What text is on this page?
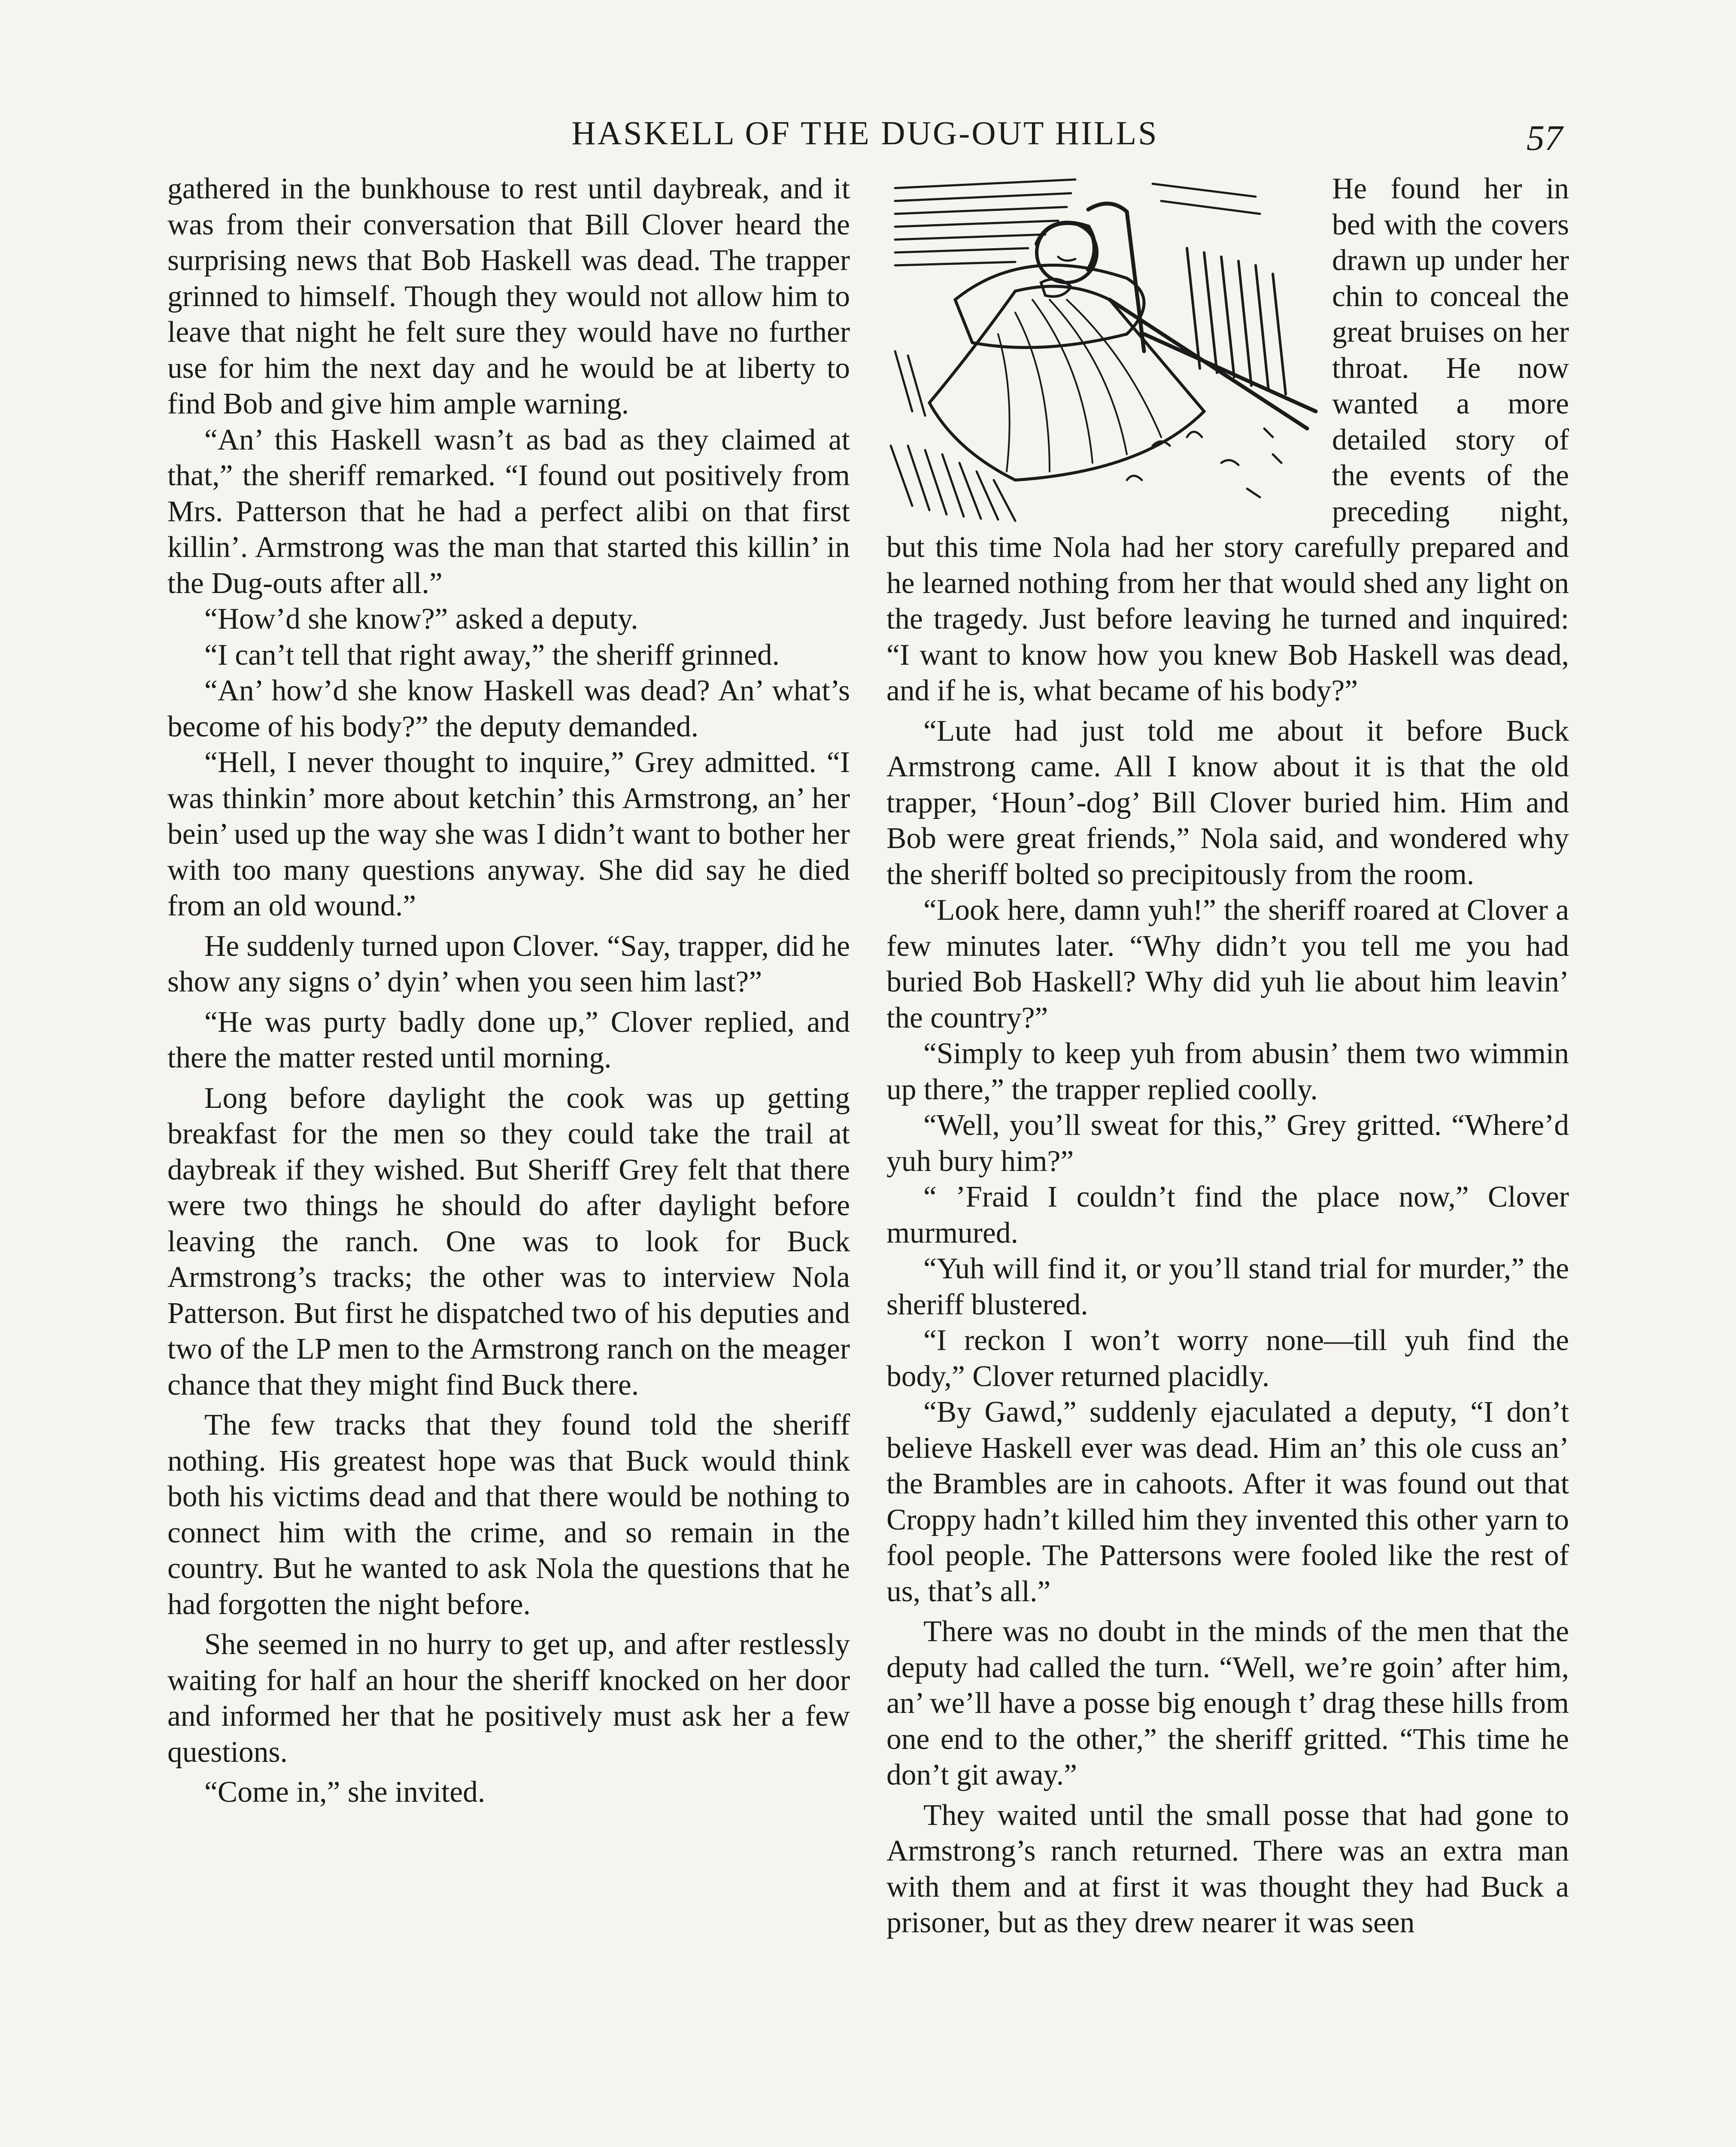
HASKELL OF THE DUG-OUT HILLS	57

gathered in the bunkhouse to rest until daybreak, and it was from their conversation that Bill Clover heard the surprising news that Bob Haskell was dead. The trapper grinned to himself. Though they would not allow him to leave that night he felt sure they would have no further use for him the next day and he would be at liberty to find Bob and give him ample warning.

“An’ this Haskell wasn’t as bad as they claimed at that,” the sheriff remarked. “I found out positively from Mrs. Patterson that he had a perfect alibi on that first killin’. Armstrong was the man that started this killin’ in the Dug-outs after all.”

“How’d she know?” asked a deputy.

“I can’t tell that right away,” the sheriff grinned.

“An’ how’d she know Haskell was dead? An’ what’s become of his body?” the deputy demanded.

“Hell, I never thought to inquire,” Grey admitted. “I was thinkin’ more about ketchin’ this Armstrong, an’ her bein’ used up the way she was I didn’t want to bother her with too many questions anyway. She did say he died from an old wound.”

He suddenly turned upon Clover. “Say, trapper, did he show any signs o’ dyin’ when you seen him last?”

“He was purty badly done up,” Clover replied, and there the matter rested until morning.

Long before daylight the cook was up getting breakfast for the men so they could take the trail at daybreak if they wished. But Sheriff Grey felt that there were two things he should do after daylight before leaving the ranch. One was to look for Buck Armstrong’s tracks; the other was to interview Nola Patterson. But first he dispatched two of his deputies and two of the LP men to the Armstrong ranch on the meager chance that they might find Buck there.

The few tracks that they found told the sheriff nothing. His greatest hope was that Buck would think both his victims dead and that there would be nothing to connect him with the crime, and so remain in the country. But he wanted to ask Nola the questions that he had forgotten the night before.

She seemed in no hurry to get up, and after restlessly waiting for half an hour the sheriff knocked on her door and informed her that he positively must ask her a few questions.

“Come in,” she invited.

He found her in bed with the covers drawn up under her chin to conceal the great bruises on her throat. He now wanted a more detailed story of the events of the preceding night, but this time Nola had her story carefully prepared and he learned nothing from her that would shed any light on the tragedy. Just before leaving he turned and inquired: “I want to know how you knew Bob Haskell was dead, and if he is, what became of his body?”

“Lute had just told me about it before Buck Armstrong came. All I know about it is that the old trapper, ‘Houn’-dog’ Bill Clover buried him. Him and Bob were great friends,” Nola said, and wondered why the sheriff bolted so precipitously from the room.

“Look here, damn yuh!” the sheriff roared at Clover a few minutes later. “Why didn’t you tell me you had buried Bob Haskell? Why did yuh lie about him leavin’ the country?”

“Simply to keep yuh from abusin’ them two wimmin up there,” the trapper replied coolly.

“Well, you’ll sweat for this,” Grey gritted. “Where’d yuh bury him?”

“ ’Fraid I couldn’t find the place now,” Clover murmured.

“Yuh will find it, or you’ll stand trial for murder,” the sheriff blustered.

“I reckon I won’t worry none—till yuh find the body,” Clover returned placidly.

“By Gawd,” suddenly ejaculated a deputy, “I don’t believe Haskell ever was dead. Him an’ this ole cuss an’ the Brambles are in cahoots. After it was found out that Croppy hadn’t killed him they invented this other yarn to fool people. The Pattersons were fooled like the rest of us, that’s all.”

There was no doubt in the minds of the men that the deputy had called the turn. “Well, we’re goin’ after him, an’ we’ll have a posse big enough t’ drag these hills from one end to the other,” the sheriff gritted. “This time he don’t git away.”

They waited until the small posse that had gone to Armstrong’s ranch returned. There was an extra man with them and at first it was thought they had Buck a prisoner, but as they drew nearer it was seen
